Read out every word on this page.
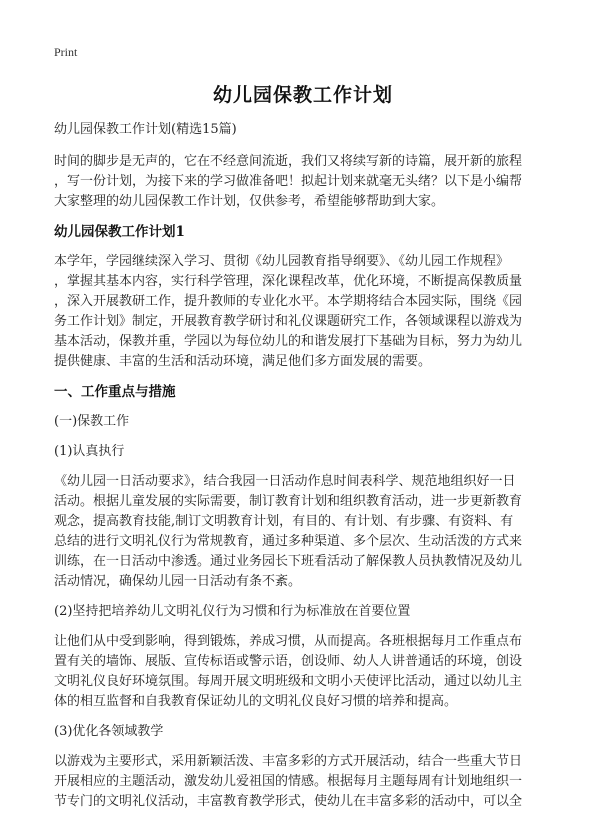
Print
幼儿园保教工作计划

幼儿园保教工作计划(精选15篇)

时间的脚步是无声的，它在不经意间流逝，我们又将续写新的诗篇，展开新的旅程
，写一份计划，为接下来的学习做准备吧！拟起计划来就毫无头绪？以下是小编帮
大家整理的幼儿园保教工作计划，仅供参考，希望能够帮助到大家。

幼儿园保教工作计划1

本学年，学园继续深入学习、贯彻《幼儿园教育指导纲要》、《幼儿园工作规程》
，掌握其基本内容，实行科学管理，深化课程改革，优化环境，不断提高保教质量
，深入开展教研工作，提升教师的专业化水平。本学期将结合本园实际，围绕《园
务工作计划》制定，开展教育教学研讨和礼仪课题研究工作，各领域课程以游戏为
基本活动，保教并重，学园以为每位幼儿的和谐发展打下基础为目标，努力为幼儿
提供健康、丰富的生活和活动环境，满足他们多方面发展的需要。

一、工作重点与措施

(一)保教工作

(1)认真执行

《幼儿园一日活动要求》，结合我园一日活动作息时间表科学、规范地组织好一日
活动。根据儿童发展的实际需要，制订教育计划和组织教育活动，进一步更新教育
观念，提高教育技能,制订文明教育计划，有目的、有计划、有步骤、有资料、有
总结的进行文明礼仪行为常规教育，通过多种渠道、多个层次、生动活泼的方式来
训练，在一日活动中渗透。通过业务园长下班看活动了解保教人员执教情况及幼儿
活动情况，确保幼儿园一日活动有条不紊。

(2)坚持把培养幼儿文明礼仪行为习惯和行为标准放在首要位置

让他们从中受到影响，得到锻炼，养成习惯，从而提高。各班根据每月工作重点布
置有关的墙饰、展版、宣传标语或警示语，创设师、幼人人讲普通话的环境，创设
文明礼仪良好环境氛围。每周开展文明班级和文明小天使评比活动，通过以幼儿主
体的相互监督和自我教育保证幼儿的文明礼仪良好习惯的培养和提高。

(3)优化各领域教学

以游戏为主要形式，采用新颖活泼、丰富多彩的方式开展活动，结合一些重大节日
开展相应的主题活动，激发幼儿爱祖国的情感。根据每月主题每周有计划地组织一
节专门的文明礼仪活动，丰富教育教学形式，使幼儿在丰富多彩的活动中，可以全
